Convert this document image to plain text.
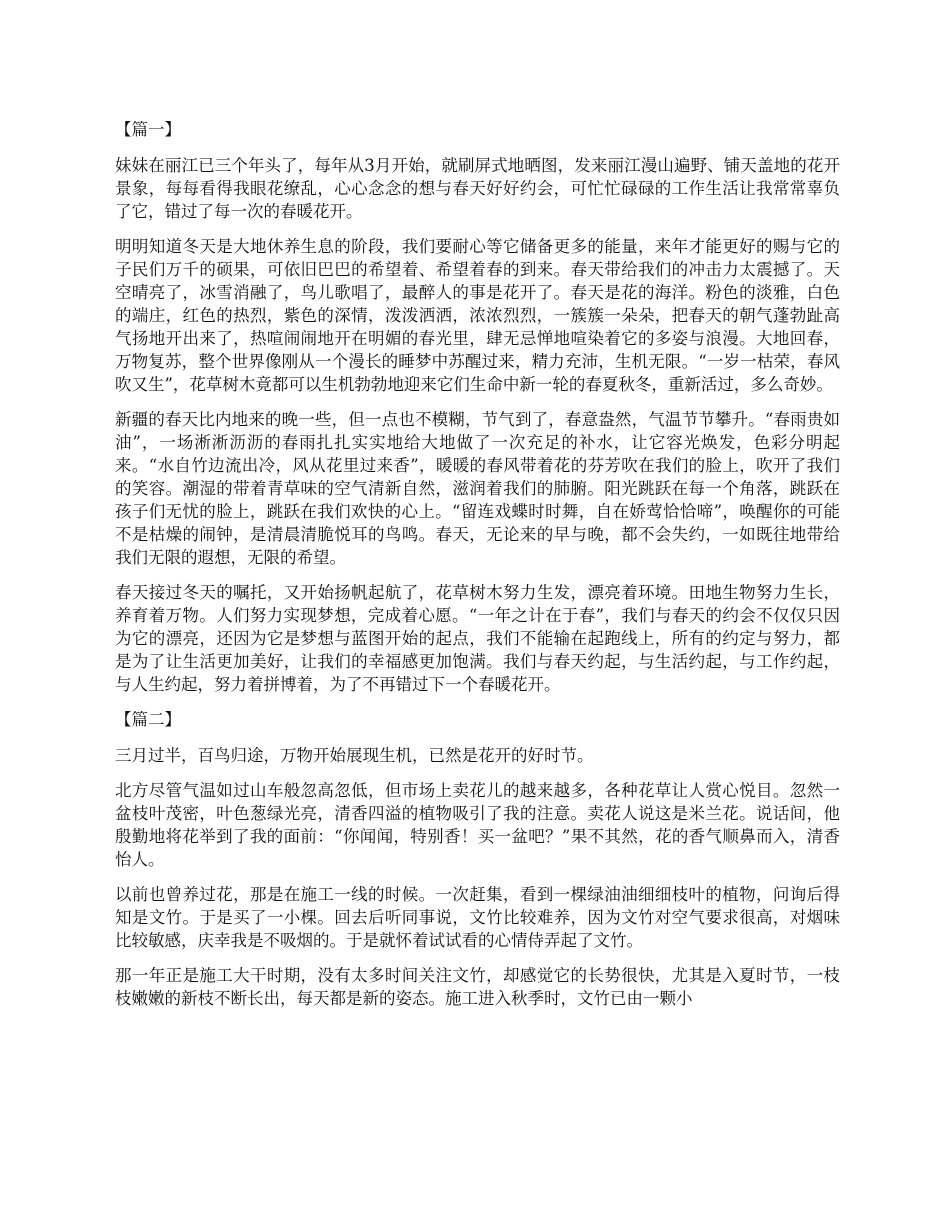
【篇一】

妹妹在丽江已三个年头了，每年从3月开始，就刷屏式地晒图，发来丽江漫山遍野、铺天盖地的花开景象，每每看得我眼花缭乱，心心念念的想与春天好好约会，可忙忙碌碌的工作生活让我常常辜负了它，错过了每一次的春暖花开。

明明知道冬天是大地休养生息的阶段，我们要耐心等它储备更多的能量，来年才能更好的赐与它的子民们万千的硕果，可依旧巴巴的希望着、希望着春的到来。春天带给我们的冲击力太震撼了。天空晴亮了，冰雪消融了，鸟儿歌唱了，最醉人的事是花开了。春天是花的海洋。粉色的淡雅，白色的端庄，红色的热烈，紫色的深情，泼泼洒洒，浓浓烈烈，一簇簇一朵朵，把春天的朝气蓬勃趾高气扬地开出来了，热喧闹闹地开在明媚的春光里，肆无忌惮地喧染着它的多姿与浪漫。大地回春，万物复苏，整个世界像刚从一个漫长的睡梦中苏醒过来，精力充沛，生机无限。“一岁一枯荣，春风吹又生”，花草树木竟都可以生机勃勃地迎来它们生命中新一轮的春夏秋冬，重新活过，多么奇妙。

新疆的春天比内地来的晚一些，但一点也不模糊，节气到了，春意盎然，气温节节攀升。“春雨贵如油”，一场淅淅沥沥的春雨扎扎实实地给大地做了一次充足的补水，让它容光焕发，色彩分明起来。“水自竹边流出冷，风从花里过来香”，暖暖的春风带着花的芬芳吹在我们的脸上，吹开了我们的笑容。潮湿的带着青草味的空气清新自然，滋润着我们的肺腑。阳光跳跃在每一个角落，跳跃在孩子们无忧的脸上，跳跃在我们欢快的心上。“留连戏蝶时时舞，自在娇莺恰恰啼”，唤醒你的可能不是枯燥的闹钟，是清晨清脆悦耳的鸟鸣。春天，无论来的早与晚，都不会失约，一如既往地带给我们无限的遐想，无限的希望。

春天接过冬天的嘱托，又开始扬帆起航了，花草树木努力生发，漂亮着环境。田地生物努力生长，养育着万物。人们努力实现梦想，完成着心愿。“一年之计在于春”，我们与春天的约会不仅仅只因为它的漂亮，还因为它是梦想与蓝图开始的起点，我们不能输在起跑线上，所有的约定与努力，都是为了让生活更加美好，让我们的幸福感更加饱满。我们与春天约起，与生活约起，与工作约起，与人生约起，努力着拼博着，为了不再错过下一个春暖花开。

【篇二】

三月过半，百鸟归途，万物开始展现生机，已然是花开的好时节。

北方尽管气温如过山车般忽高忽低，但市场上卖花儿的越来越多，各种花草让人赏心悦目。忽然一盆枝叶茂密，叶色葱绿光亮，清香四溢的植物吸引了我的注意。卖花人说这是米兰花。说话间，他殷勤地将花举到了我的面前：“你闻闻，特别香！买一盆吧？”果不其然，花的香气顺鼻而入，清香怡人。

以前也曾养过花，那是在施工一线的时候。一次赶集，看到一棵绿油油细细枝叶的植物，问询后得知是文竹。于是买了一小棵。回去后听同事说，文竹比较难养，因为文竹对空气要求很高，对烟味比较敏感，庆幸我是不吸烟的。于是就怀着试试看的心情侍弄起了文竹。

那一年正是施工大干时期，没有太多时间关注文竹，却感觉它的长势很快，尤其是入夏时节，一枝枝嫩嫩的新枝不断长出，每天都是新的姿态。施工进入秋季时，文竹已由一颗小
